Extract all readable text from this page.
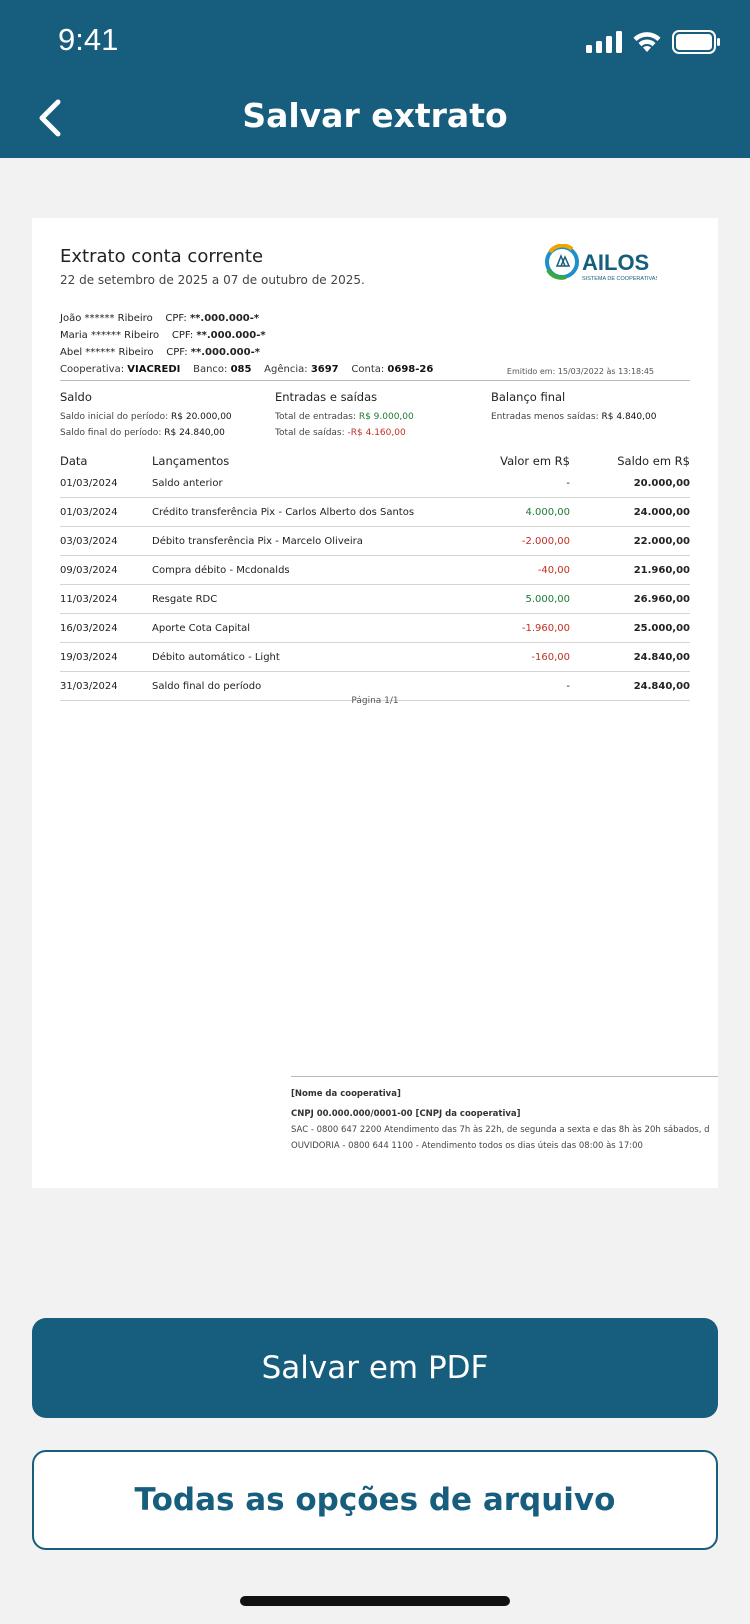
9:41
Salvar extrato
Extrato conta corrente
22 de setembro de 2025 a 07 de outubro de 2025.
AILOS
SISTEMA DE COOPERATIVAS
João ****** Ribeiro CPF: **.000.000-*
Maria ****** Ribeiro CPF: **.000.000-*
Abel ****** Ribeiro CPF: **.000.000-*
Cooperativa: VIACREDI Banco: 085 Agência: 3697 Conta: 0698-26	Emitido em: 15/03/2022 às 13:18:45
Saldo
Saldo inicial do período: R$ 20.000,00
Saldo final do período: R$ 24.840,00
Entradas e saídas
Total de entradas: R$ 9.000,00
Total de saídas: -R$ 4.160,00
Balanço final
Entradas menos saídas: R$ 4.840,00
Data	Lançamentos	Valor em R$	Saldo em R$
01/03/2024	Saldo anterior	-	20.000,00
01/03/2024	Crédito transferência Pix - Carlos Alberto dos Santos	4.000,00	24.000,00
03/03/2024	Débito transferência Pix - Marcelo Oliveira	-2.000,00	22.000,00
09/03/2024	Compra débito - Mcdonalds	-40,00	21.960,00
11/03/2024	Resgate RDC	5.000,00	26.960,00
16/03/2024	Aporte Cota Capital	-1.960,00	25.000,00
19/03/2024	Débito automático - Light	-160,00	24.840,00
31/03/2024	Saldo final do período	-	24.840,00
Página 1/1
[Nome da cooperativa]
CNPJ 00.000.000/0001-00 [CNPJ da cooperativa]
SAC - 0800 647 2200 Atendimento das 7h às 22h, de segunda a sexta e das 8h às 20h sábados, d
OUVIDORIA - 0800 644 1100 - Atendimento todos os dias úteis das 08:00 às 17:00
Salvar em PDF
Todas as opções de arquivo
